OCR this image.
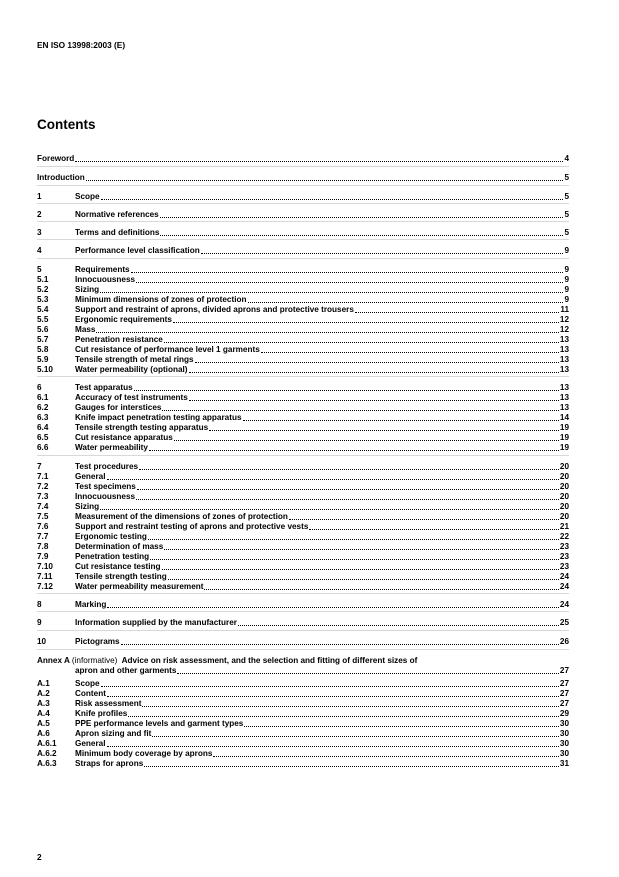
EN ISO 13998:2003 (E)
Contents
Foreword	4
Introduction	5
1	Scope	5
2	Normative references	5
3	Terms and definitions	5
4	Performance level classification	9
5	Requirements	9
5.1	Innocuousness	9
5.2	Sizing	9
5.3	Minimum dimensions of zones of protection	9
5.4	Support and restraint of aprons, divided aprons and protective trousers	11
5.5	Ergonomic requirements	12
5.6	Mass	12
5.7	Penetration resistance	13
5.8	Cut resistance of performance level 1 garments	13
5.9	Tensile strength of metal rings	13
5.10	Water permeability (optional)	13
6	Test apparatus	13
6.1	Accuracy of test instruments	13
6.2	Gauges for interstices	13
6.3	Knife impact penetration testing apparatus	14
6.4	Tensile strength testing apparatus	19
6.5	Cut resistance apparatus	19
6.6	Water permeability	19
7	Test procedures	20
7.1	General	20
7.2	Test specimens	20
7.3	Innocuousness	20
7.4	Sizing	20
7.5	Measurement of the dimensions of zones of protection	20
7.6	Support and restraint testing of aprons and protective vests	21
7.7	Ergonomic testing	22
7.8	Determination of mass	23
7.9	Penetration testing	23
7.10	Cut resistance testing	23
7.11	Tensile strength testing	24
7.12	Water permeability measurement	24
8	Marking	24
9	Information supplied by the manufacturer	25
10	Pictograms	26
Annex A (informative) Advice on risk assessment, and the selection and fitting of different sizes of
apron and other garments	27
A.1	Scope	27
A.2	Content	27
A.3	Risk assessment	27
A.4	Knife profiles	29
A.5	PPE performance levels and garment types	30
A.6	Apron sizing and fit	30
A.6.1	General	30
A.6.2	Minimum body coverage by aprons	30
A.6.3	Straps for aprons	31
2
